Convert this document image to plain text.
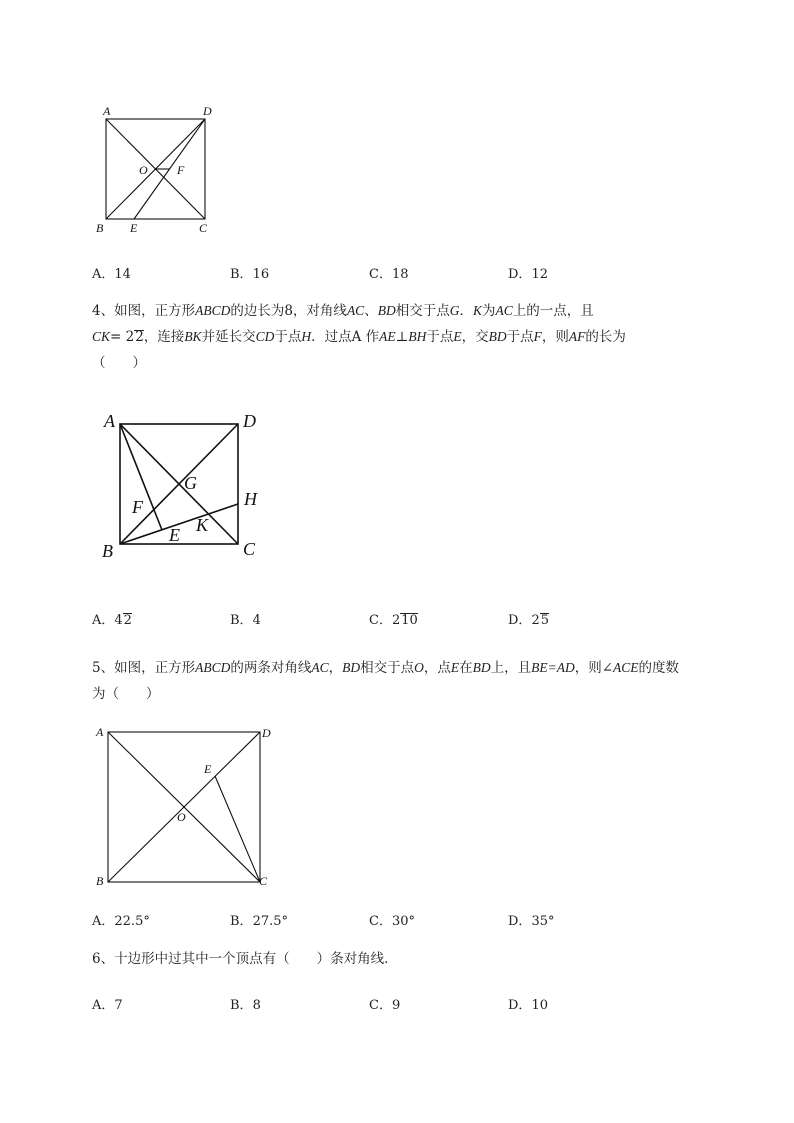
A	D
O F
B E	C
A．14	B．16	C．18	D．12
4、如图，正方形ABCD的边长为8，对角线AC、BD相交于点G．K为AC上的一点，且
CK= 22，连接BK并延长交CD于点H．过点A 作AE⊥BH于点E，交BD于点F，则AF的长为
（　　）
A	D
G
H
F
K
E
B	C
A．42	B．4	C．210	D．25
5、如图，正方形ABCD的两条对角线AC，BD相交于点O，点E在BD上，且BE=AD，则∠ACE的度数
为（　　）
A	D
E
O
B	C
A．22.5°	B．27.5°	C．30°	D．35°
6、十边形中过其中一个顶点有（　　）条对角线．
A．7	B．8	C．9	D．10
